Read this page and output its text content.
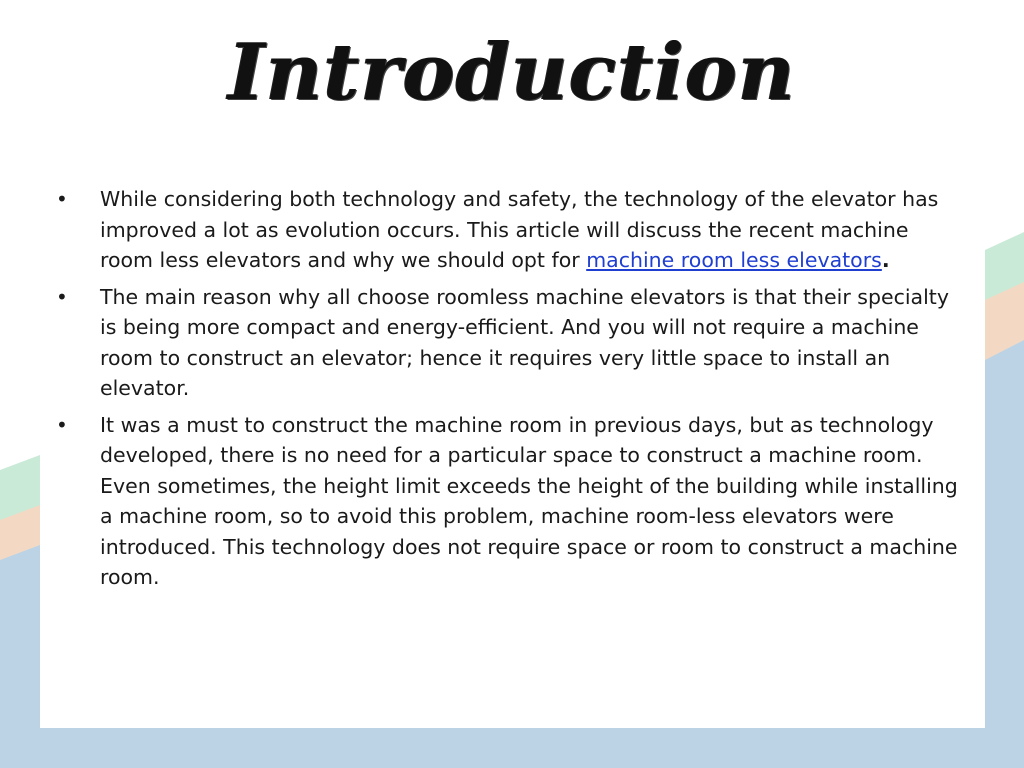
Introduction
•	While considering both technology and safety, the technology of the elevator has improved a lot as evolution occurs. This article will discuss the recent machine room less elevators and why we should opt for machine room less elevators.
•	The main reason why all choose roomless machine elevators is that their specialty is being more compact and energy-efficient. And you will not require a machine room to construct an elevator; hence it requires very little space to install an elevator.
•	It was a must to construct the machine room in previous days, but as technology developed, there is no need for a particular space to construct a machine room. Even sometimes, the height limit exceeds the height of the building while installing a machine room, so to avoid this problem, machine room-less elevators were introduced. This technology does not require space or room to construct a machine room.
